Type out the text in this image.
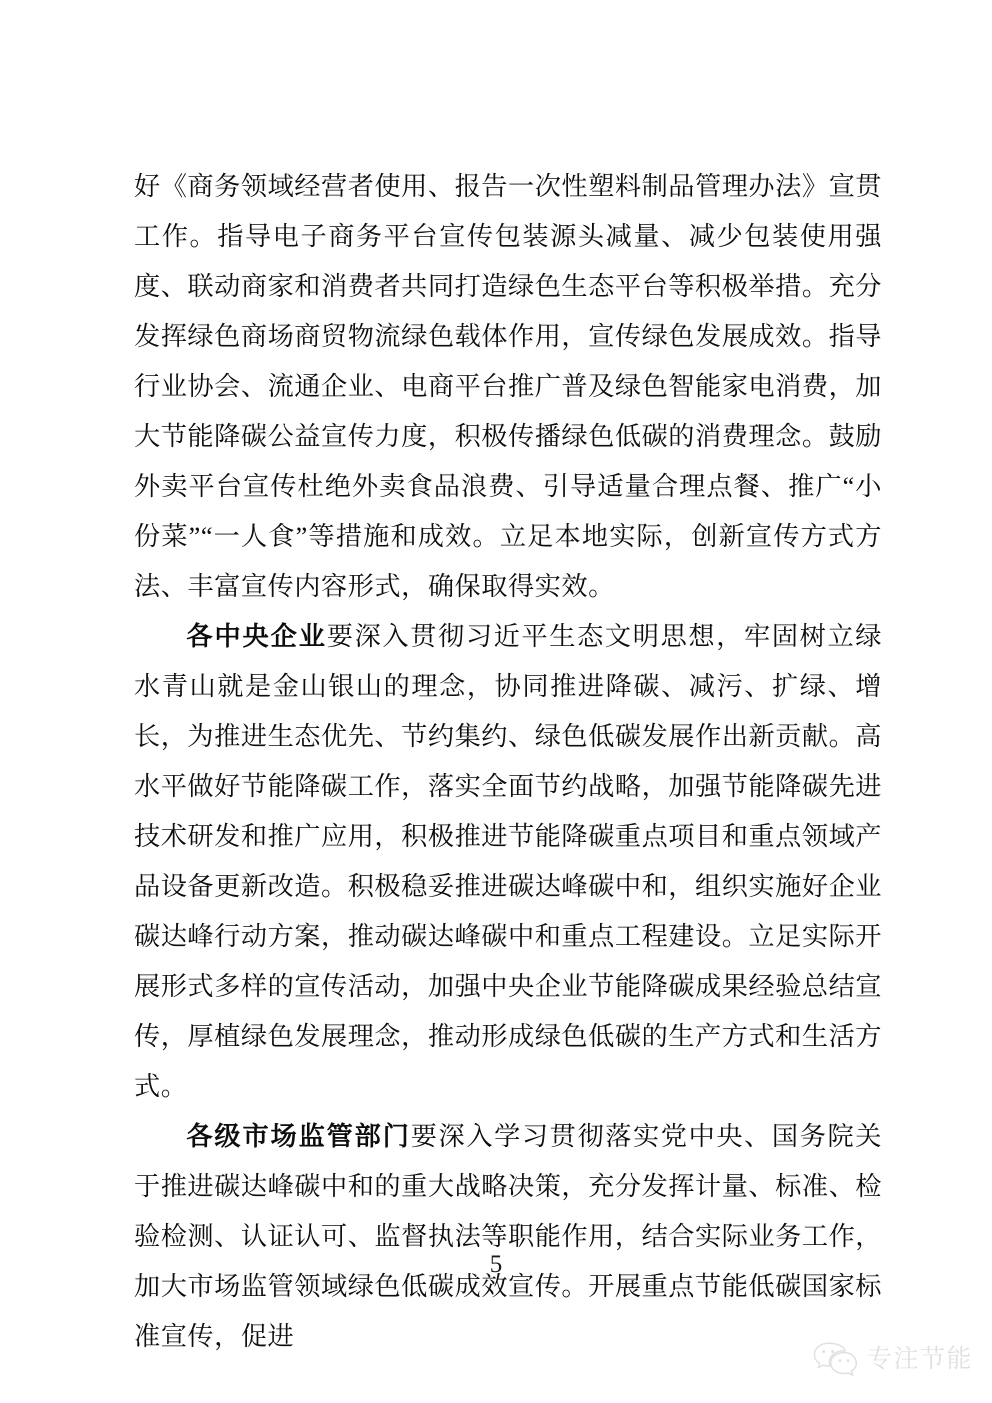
好《商务领域经营者使用、报告一次性塑料制品管理办法》宣贯工作。指导电子商务平台宣传包装源头减量、减少包装使用强度、联动商家和消费者共同打造绿色生态平台等积极举措。充分发挥绿色商场商贸物流绿色载体作用，宣传绿色发展成效。指导行业协会、流通企业、电商平台推广普及绿色智能家电消费，加大节能降碳公益宣传力度，积极传播绿色低碳的消费理念。鼓励外卖平台宣传杜绝外卖食品浪费、引导适量合理点餐、推广“小份菜”“一人食”等措施和成效。立足本地实际，创新宣传方式方法、丰富宣传内容形式，确保取得实效。

各中央企业要深入贯彻习近平生态文明思想，牢固树立绿水青山就是金山银山的理念，协同推进降碳、减污、扩绿、增长，为推进生态优先、节约集约、绿色低碳发展作出新贡献。高水平做好节能降碳工作，落实全面节约战略，加强节能降碳先进技术研发和推广应用，积极推进节能降碳重点项目和重点领域产品设备更新改造。积极稳妥推进碳达峰碳中和，组织实施好企业碳达峰行动方案，推动碳达峰碳中和重点工程建设。立足实际开展形式多样的宣传活动，加强中央企业节能降碳成果经验总结宣传，厚植绿色发展理念，推动形成绿色低碳的生产方式和生活方式。

各级市场监管部门要深入学习贯彻落实党中央、国务院关于推进碳达峰碳中和的重大战略决策，充分发挥计量、标准、检验检测、认证认可、监督执法等职能作用，结合实际业务工作，加大市场监管领域绿色低碳成效宣传。开展重点节能低碳国家标准宣传，促进

5
专注节能
